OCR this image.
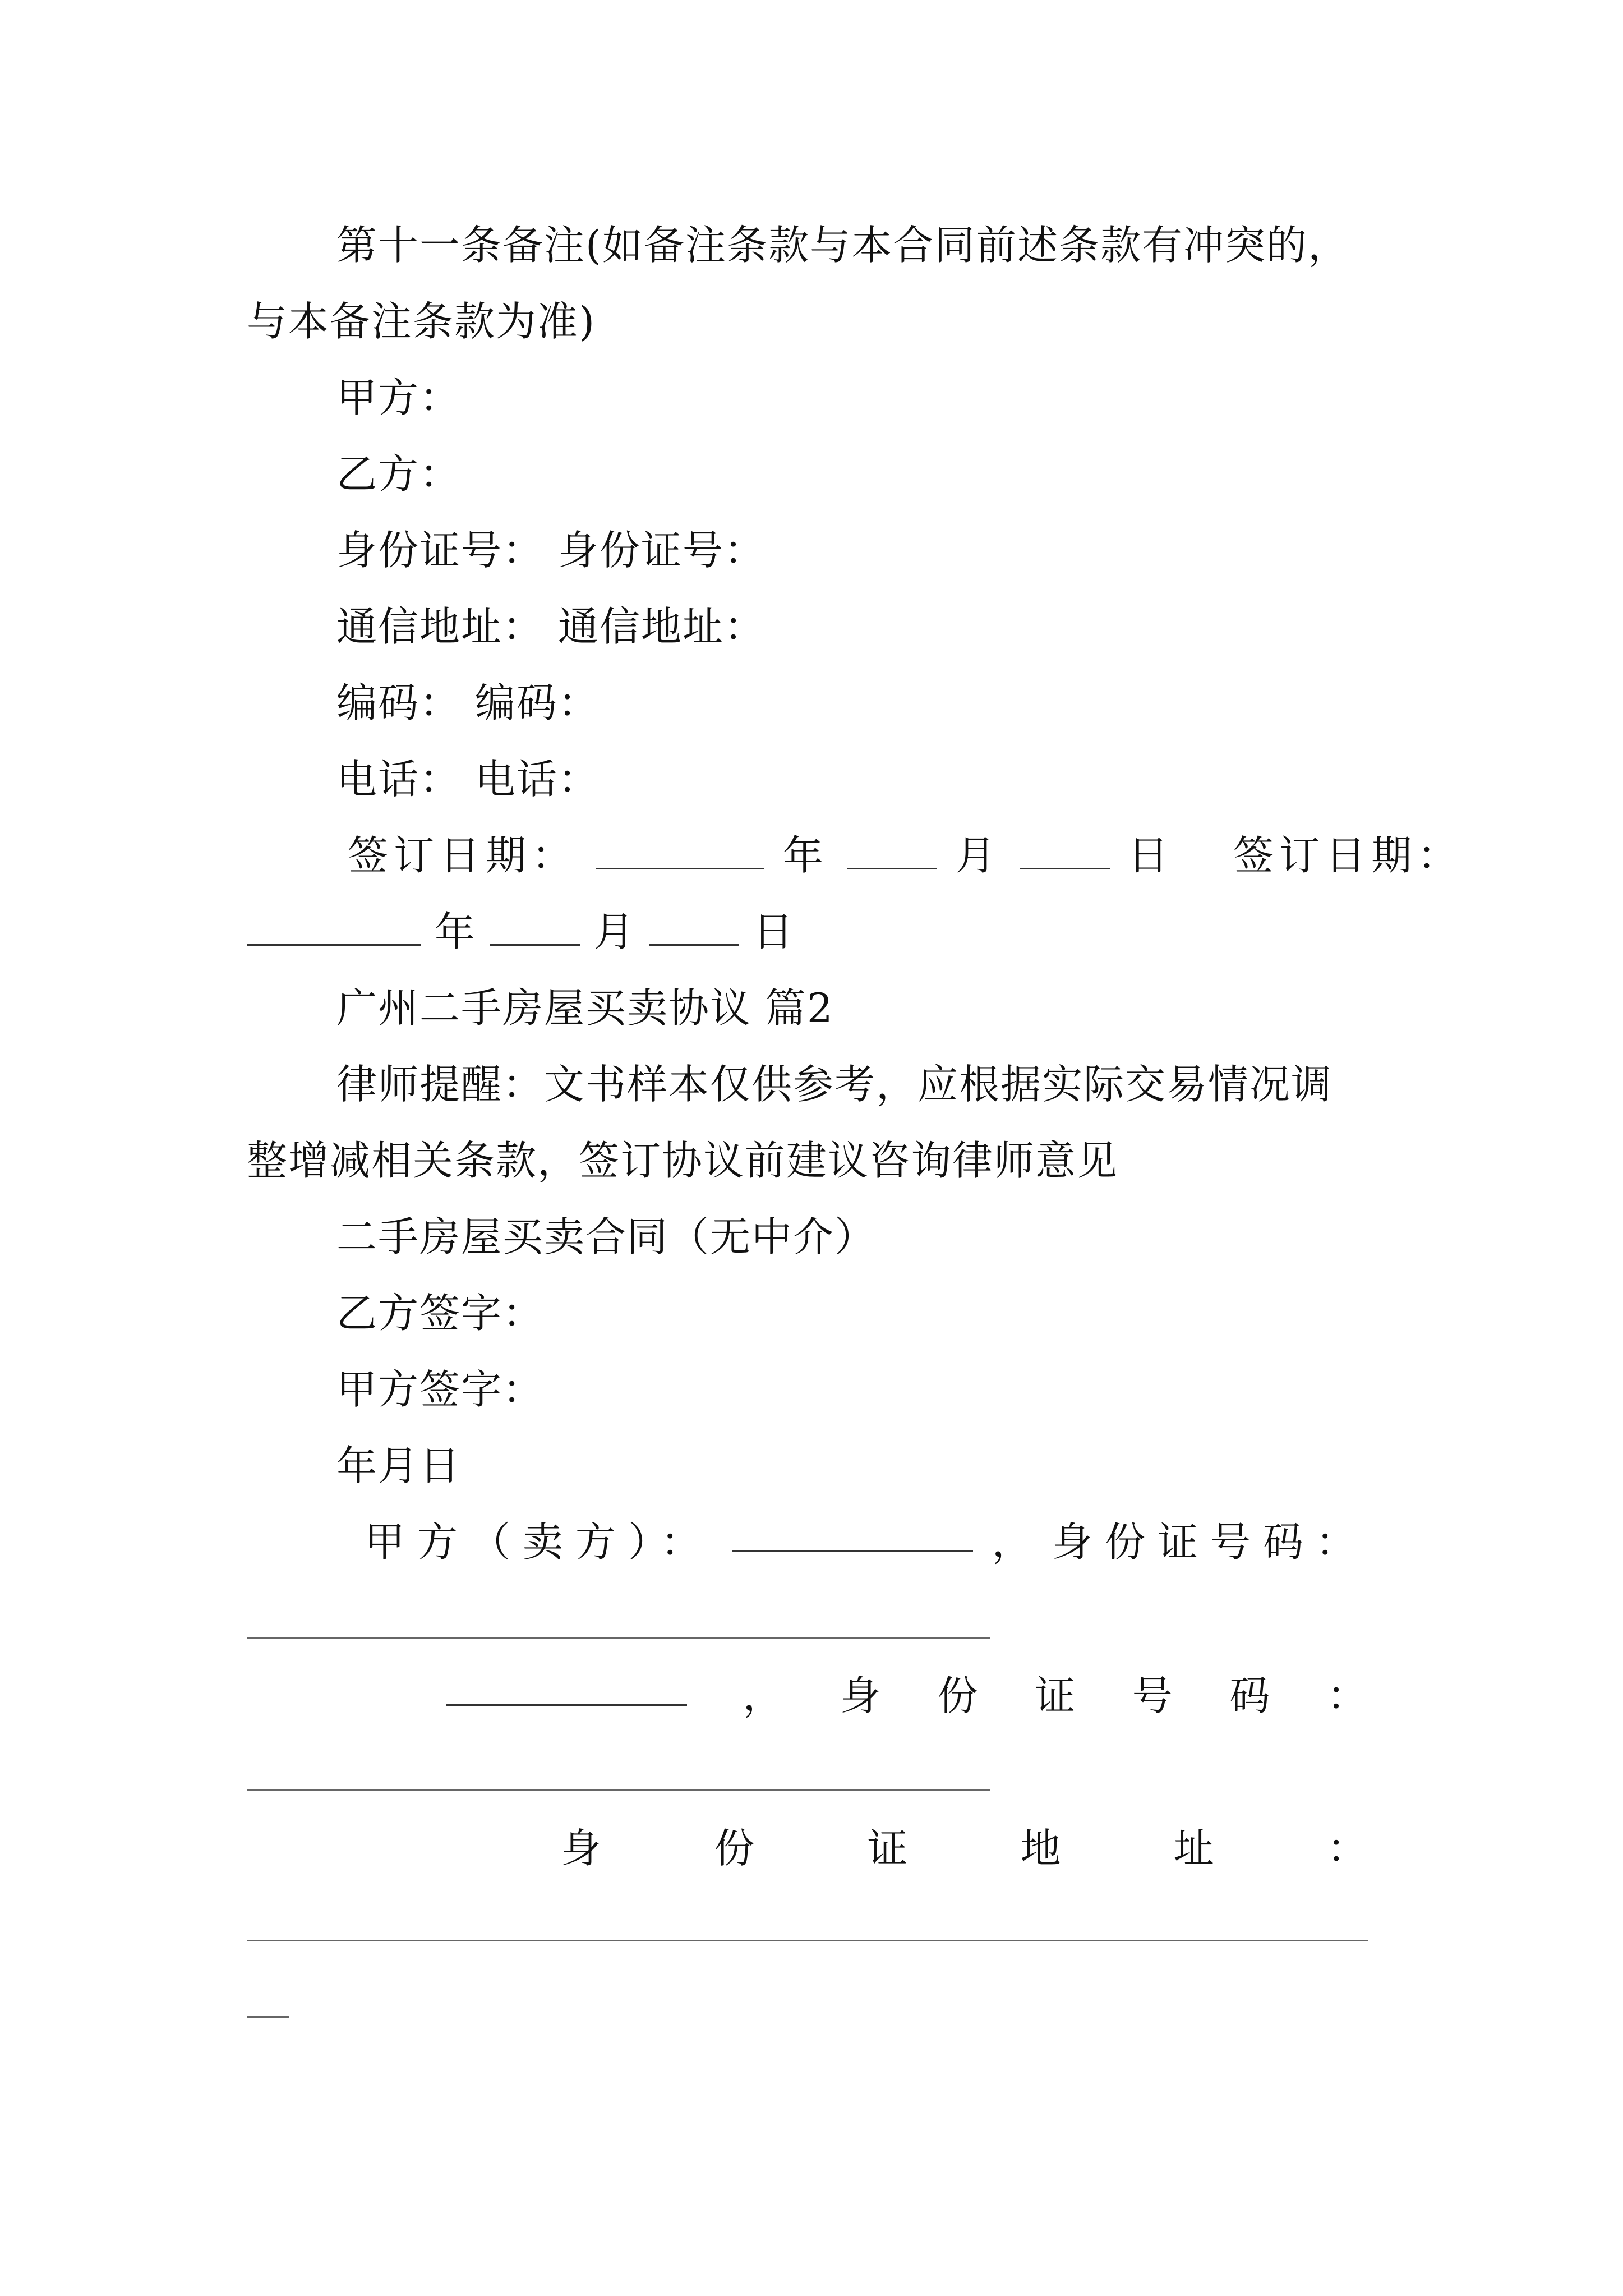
第十一条备注(如备注条款与本合同前述条款有冲突的，
与本备注条款为准)
甲方：
乙方：
身份证号： 身份证号：
通信地址： 通信地址：
编码： 编码：
电话： 电话：
签订日期：	年	月	日 签订日期：
年	月	日
广州二手房屋买卖协议 篇2
律师提醒：文书样本仅供参考，应根据实际交易情况调
整增减相关条款，签订协议前建议咨询律师意见
二手房屋买卖合同（无中介）
乙方签字：
甲方签字：
年月日
甲方（卖方）：	， 身份证号码：
， 身 份 证 号 码 ：
身	份	证	地	址	：
